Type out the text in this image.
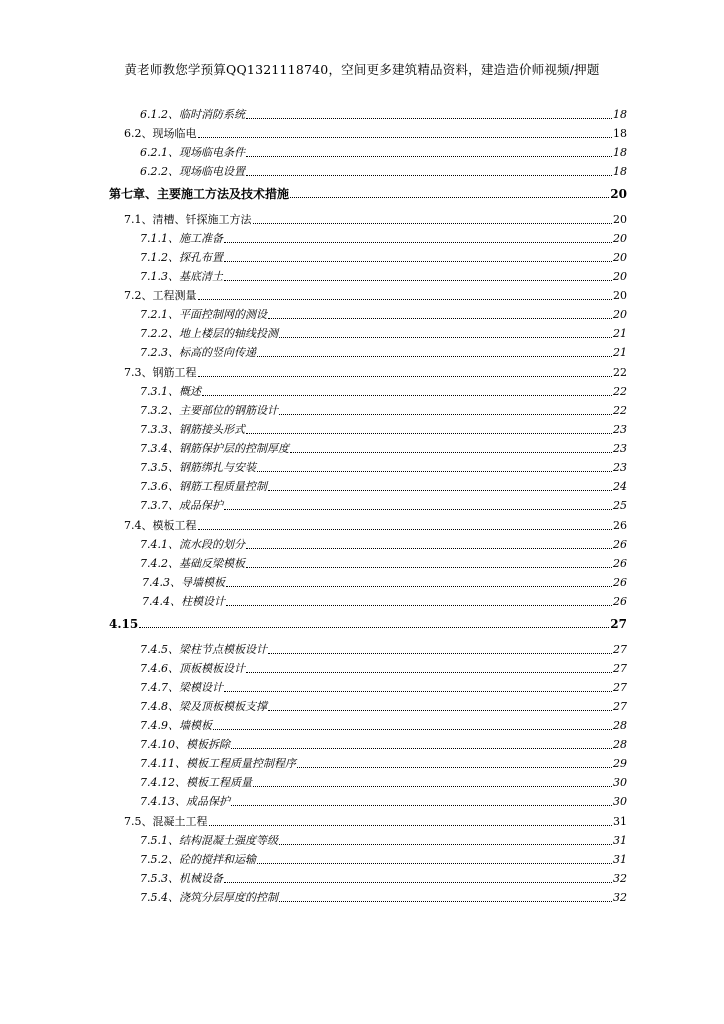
黄老师教您学预算QQ1321118740，空间更多建筑精品资料，建造造价师视频/押题
6.1.2、临时消防系统	18
6.2、现场临电	18
6.2.1、现场临电条件	18
6.2.2、现场临电设置	18
第七章、主要施工方法及技术措施	20
7.1、清槽、钎探施工方法	20
7.1.1、施工准备	20
7.1.2、探孔布置	20
7.1.3、基底清土	20
7.2、工程测量	20
7.2.1、平面控制网的测设	20
7.2.2、地上楼层的轴线投测	21
7.2.3、标高的竖向传递	21
7.3、钢筋工程	22
7.3.1、概述	22
7.3.2、主要部位的钢筋设计	22
7.3.3、钢筋接头形式	23
7.3.4、钢筋保护层的控制厚度	23
7.3.5、钢筋绑扎与安装	23
7.3.6、钢筋工程质量控制	24
7.3.7、成品保护	25
7.4、模板工程	26
7.4.1、流水段的划分	26
7.4.2、基础反梁模板	26
7.4.3、导墙模板	26
7.4.4、柱模设计	26
4.15	27
7.4.5、梁柱节点模板设计	27
7.4.6、顶板模板设计	27
7.4.7、梁模设计	27
7.4.8、梁及顶板模板支撑	27
7.4.9、墙模板	28
7.4.10、模板拆除	28
7.4.11、模板工程质量控制程序	29
7.4.12、模板工程质量	30
7.4.13、成品保护	30
7.5、混凝土工程	31
7.5.1、结构混凝土强度等级	31
7.5.2、砼的搅拌和运输	31
7.5.3、机械设备	32
7.5.4、浇筑分层厚度的控制	32
